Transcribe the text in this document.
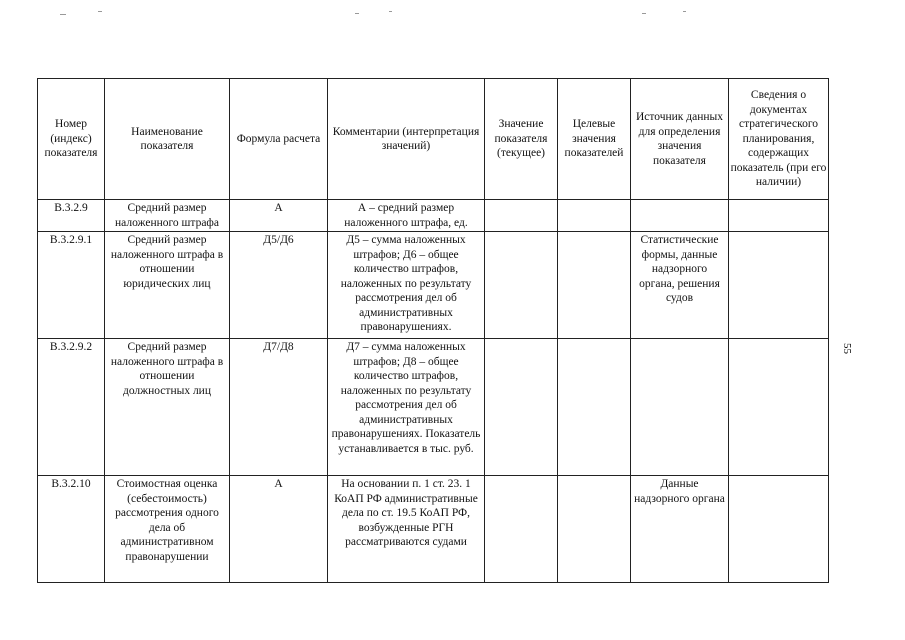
55
Номер (индекс) показателя	Наименование показателя	Формула расчета	Комментарии (интерпретация значений)	Значение показателя (текущее)	Целевые значения показателей	Источник данных для определения значения показателя	Сведения о документах стратегического планирования, содержащих показатель (при его наличии)
В.3.2.9	Средний размер наложенного штрафа	А	А – средний размер наложенного штрафа, ед.				
В.3.2.9.1	Средний размер наложенного штрафа в отношении юридических лиц	Д5/Д6	Д5 – сумма наложенных штрафов; Д6 – общее количество штрафов, наложенных по результату рассмотрения дел об административных правонарушениях.			Статистические формы, данные надзорного органа, решения судов	
В.3.2.9.2	Средний размер наложенного штрафа в отношении должностных лиц	Д7/Д8	Д7 – сумма наложенных штрафов; Д8 – общее количество штрафов, наложенных по результату рассмотрения дел об административных правонарушениях. Показатель устанавливается в тыс. руб.				
В.3.2.10	Стоимостная оценка (себестоимость) рассмотрения одного дела об административном правонарушении	А	На основании п. 1 ст. 23. 1 КоАП РФ административные дела по ст. 19.5 КоАП РФ, возбужденные РГН рассматриваются судами			Данные надзорного органа	
